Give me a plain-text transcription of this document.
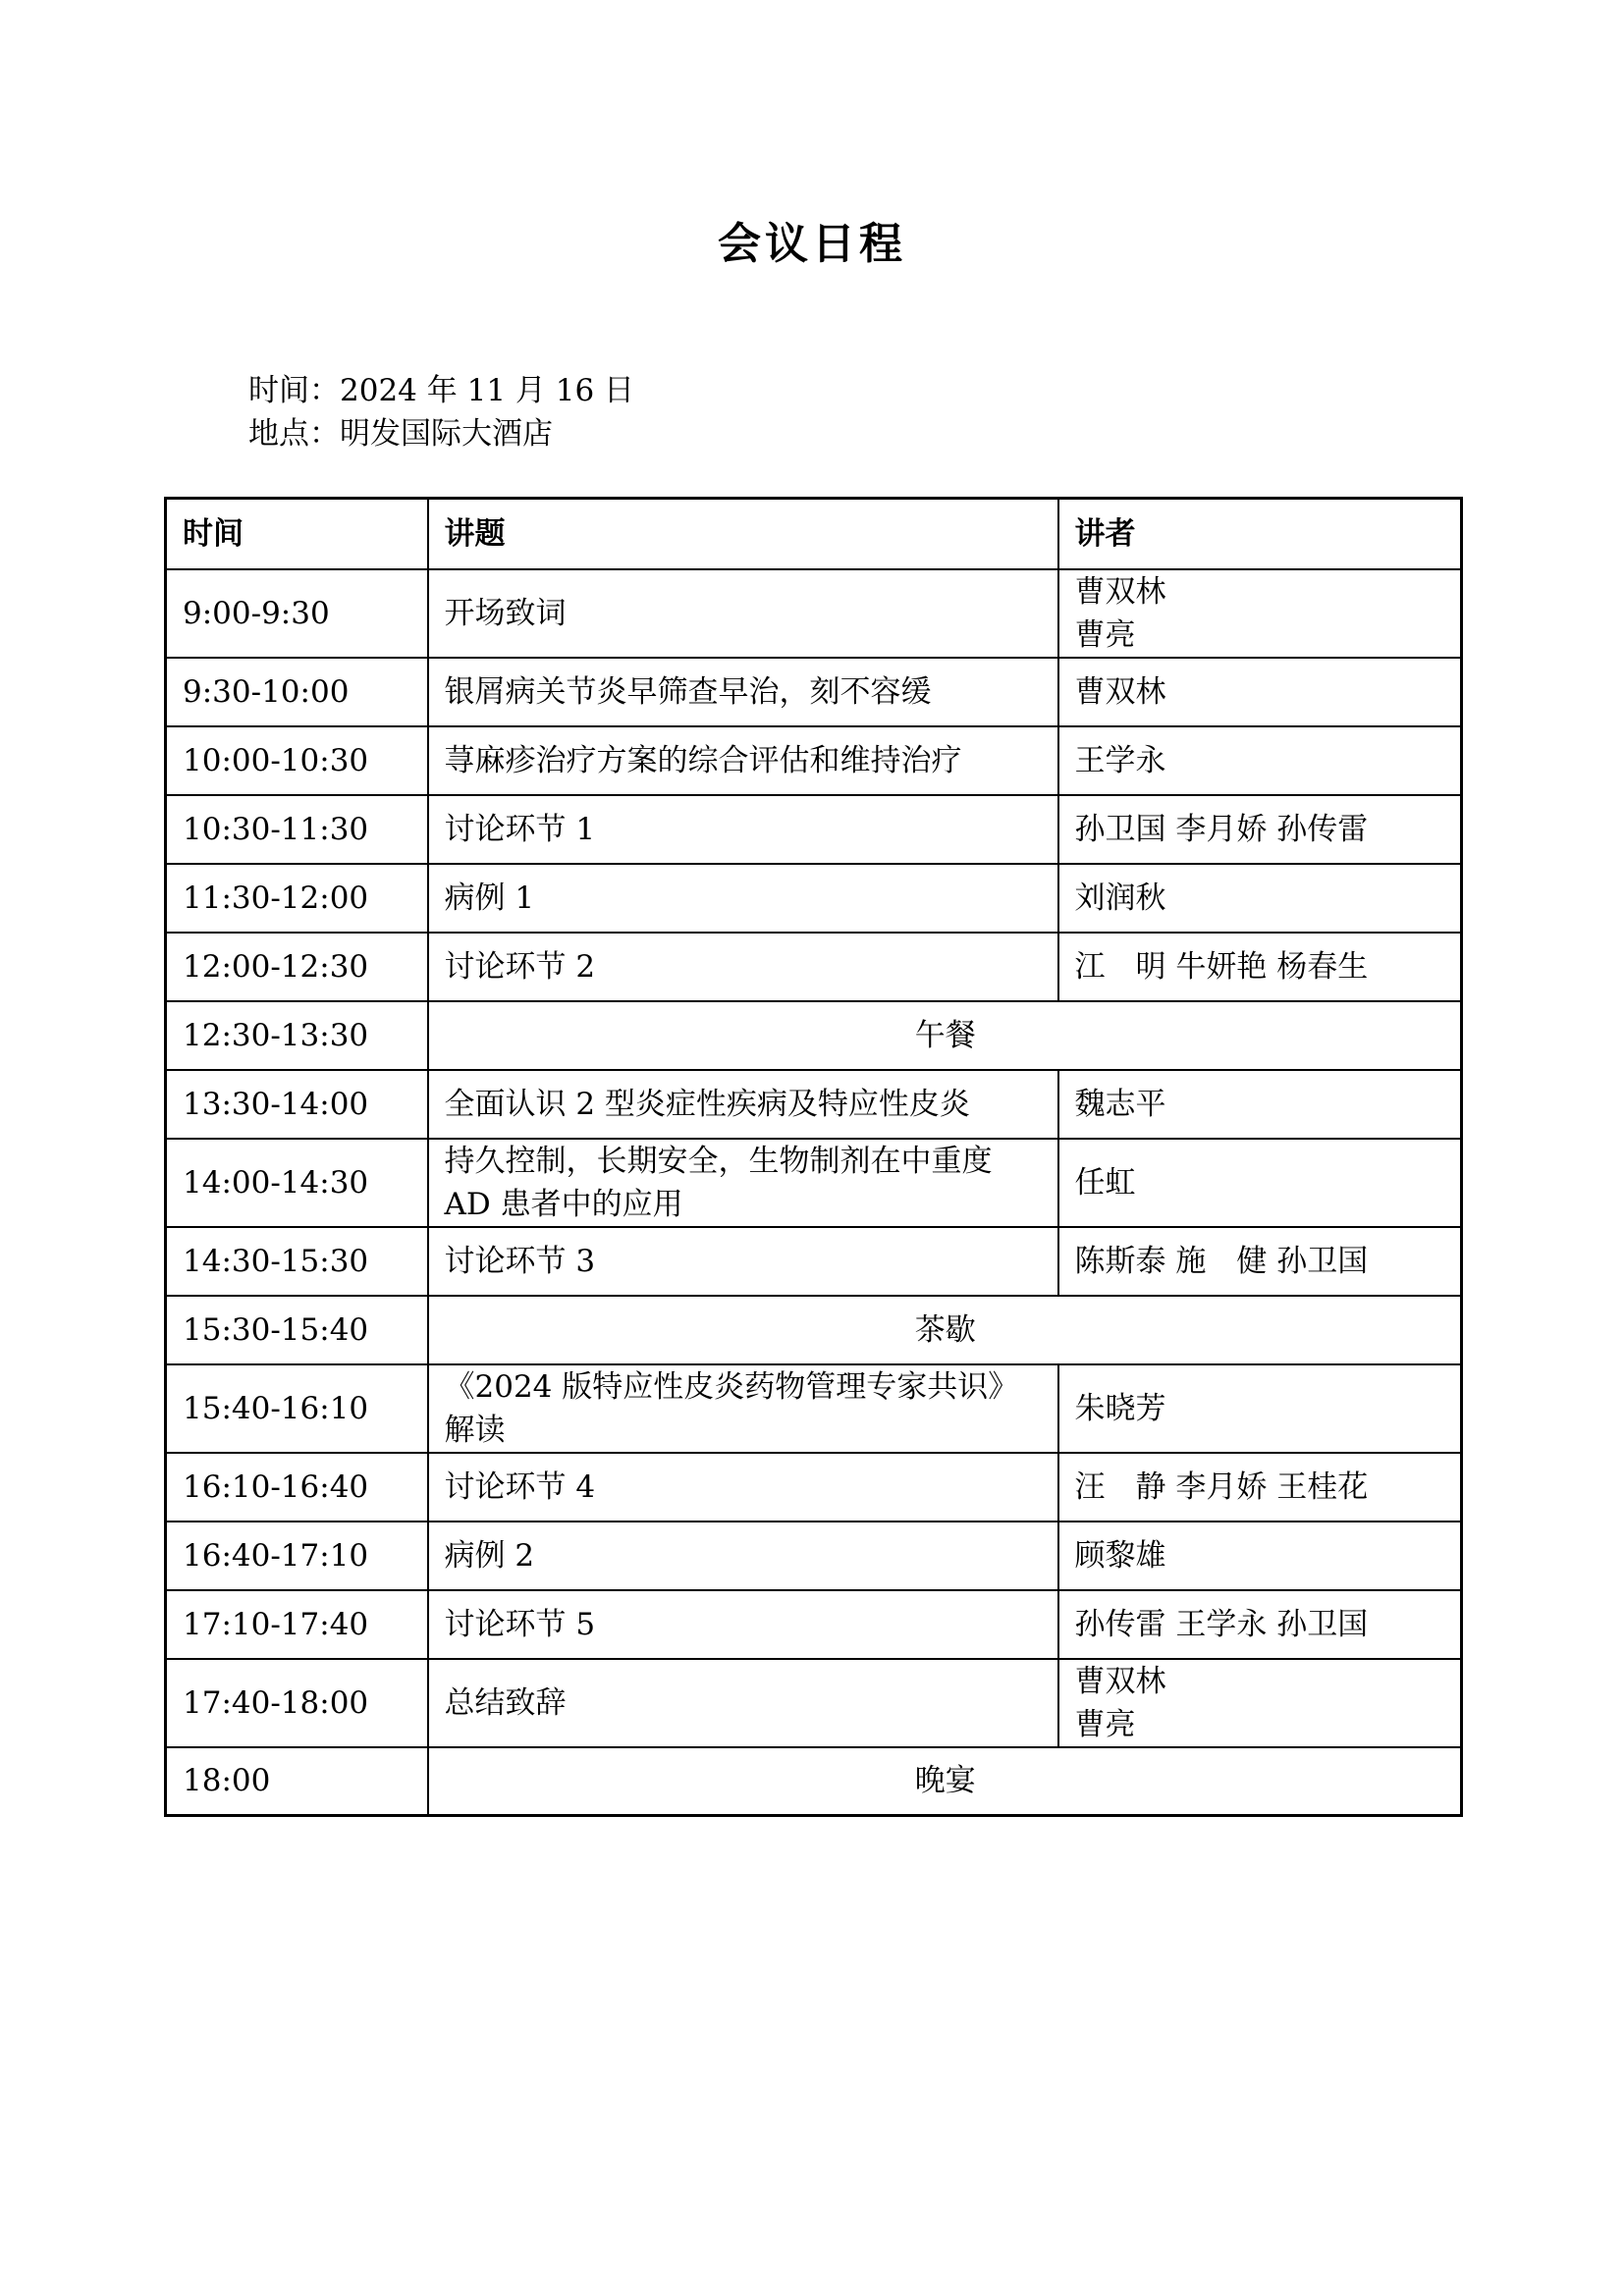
会议日程
时间：2024 年 11 月 16 日
地点：明发国际大酒店
时间	讲题	讲者
9:00-9:30	开场致词	曹双林
曹亮

9:30-10:00	银屑病关节炎早筛查早治，刻不容缓	曹双林

10:00-10:30	荨麻疹治疗方案的综合评估和维持治疗	王学永

10:30-11:30	讨论环节 1	孙卫国 李月娇 孙传雷

11:30-12:00	病例 1	刘润秋

12:00-12:30	讨论环节 2	江　明 牛妍艳 杨春生

12:30-13:30	午餐	
13:30-14:00	全面认识 2 型炎症性疾病及特应性皮炎	魏志平

14:00-14:30	持久控制，长期安全，生物制剂在中重度
AD 患者中的应用	任虹

14:30-15:30	讨论环节 3	陈斯泰 施　健 孙卫国

15:30-15:40	茶歇	
15:40-16:10	《2024 版特应性皮炎药物管理专家共识》
解读	朱晓芳

16:10-16:40	讨论环节 4	汪　静 李月娇 王桂花

16:40-17:10	病例 2	顾黎雄

17:10-17:40	讨论环节 5	孙传雷 王学永 孙卫国

17:40-18:00	总结致辞	曹双林
曹亮

18:00	晚宴	
